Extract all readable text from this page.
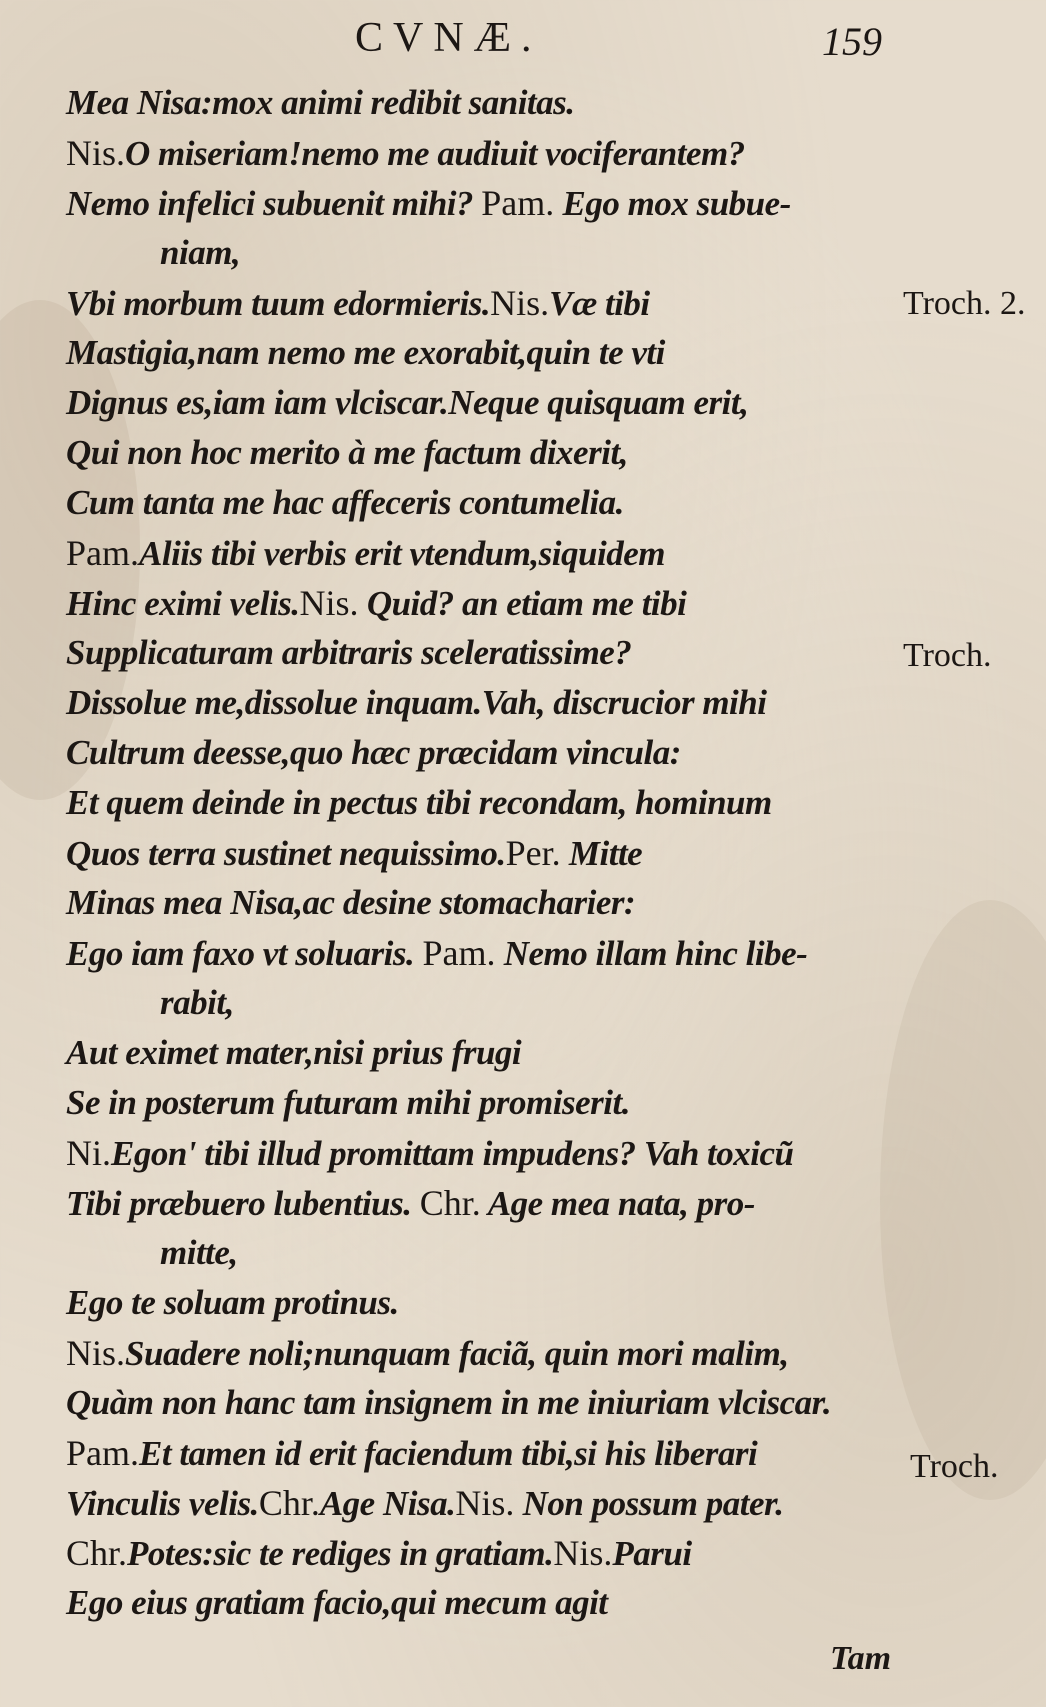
CVNÆ.	159
Mea Nisa:mox animi redibit sanitas.
Nis.O miseriam!nemo me audiuit vociferantem?
Nemo infelici subuenit mihi? Pam. Ego mox subue-
niam,
Vbi morbum tuum edormieris.Nis.Væ tibi
Mastigia,nam nemo me exorabit,quin te vti
Dignus es,iam iam vlciscar.Neque quisquam erit,
Qui non hoc merito à me factum dixerit,
Cum tanta me hac affeceris contumelia.
Pam.Aliis tibi verbis erit vtendum,siquidem
Hinc eximi velis.Nis. Quid? an etiam me tibi
Supplicaturam arbitraris sceleratissime?
Dissolue me,dissolue inquam.Vah, discrucior mihi
Cultrum deesse,quo hæc præcidam vincula:
Et quem deinde in pectus tibi recondam, hominum
Quos terra sustinet nequissimo.Per. Mitte
Minas mea Nisa,ac desine stomacharier:
Ego iam faxo vt soluaris. Pam. Nemo illam hinc libe-
rabit,
Aut eximet mater,nisi prius frugi
Se in posterum futuram mihi promiserit.
Ni.Egon' tibi illud promittam impudens? Vah toxicũ
Tibi præbuero lubentius. Chr. Age mea nata, pro-
mitte,
Ego te soluam protinus.
Nis.Suadere noli;nunquam faciã, quin mori malim,
Quàm non hanc tam insignem in me iniuriam vlciscar.
Pam.Et tamen id erit faciendum tibi,si his liberari
Vinculis velis.Chr.Age Nisa.Nis. Non possum pater.
Chr.Potes:sic te rediges in gratiam.Nis.Parui
Ego eius gratiam facio,qui mecum agit
Troch. 2.
Troch.
Troch.
Tam
